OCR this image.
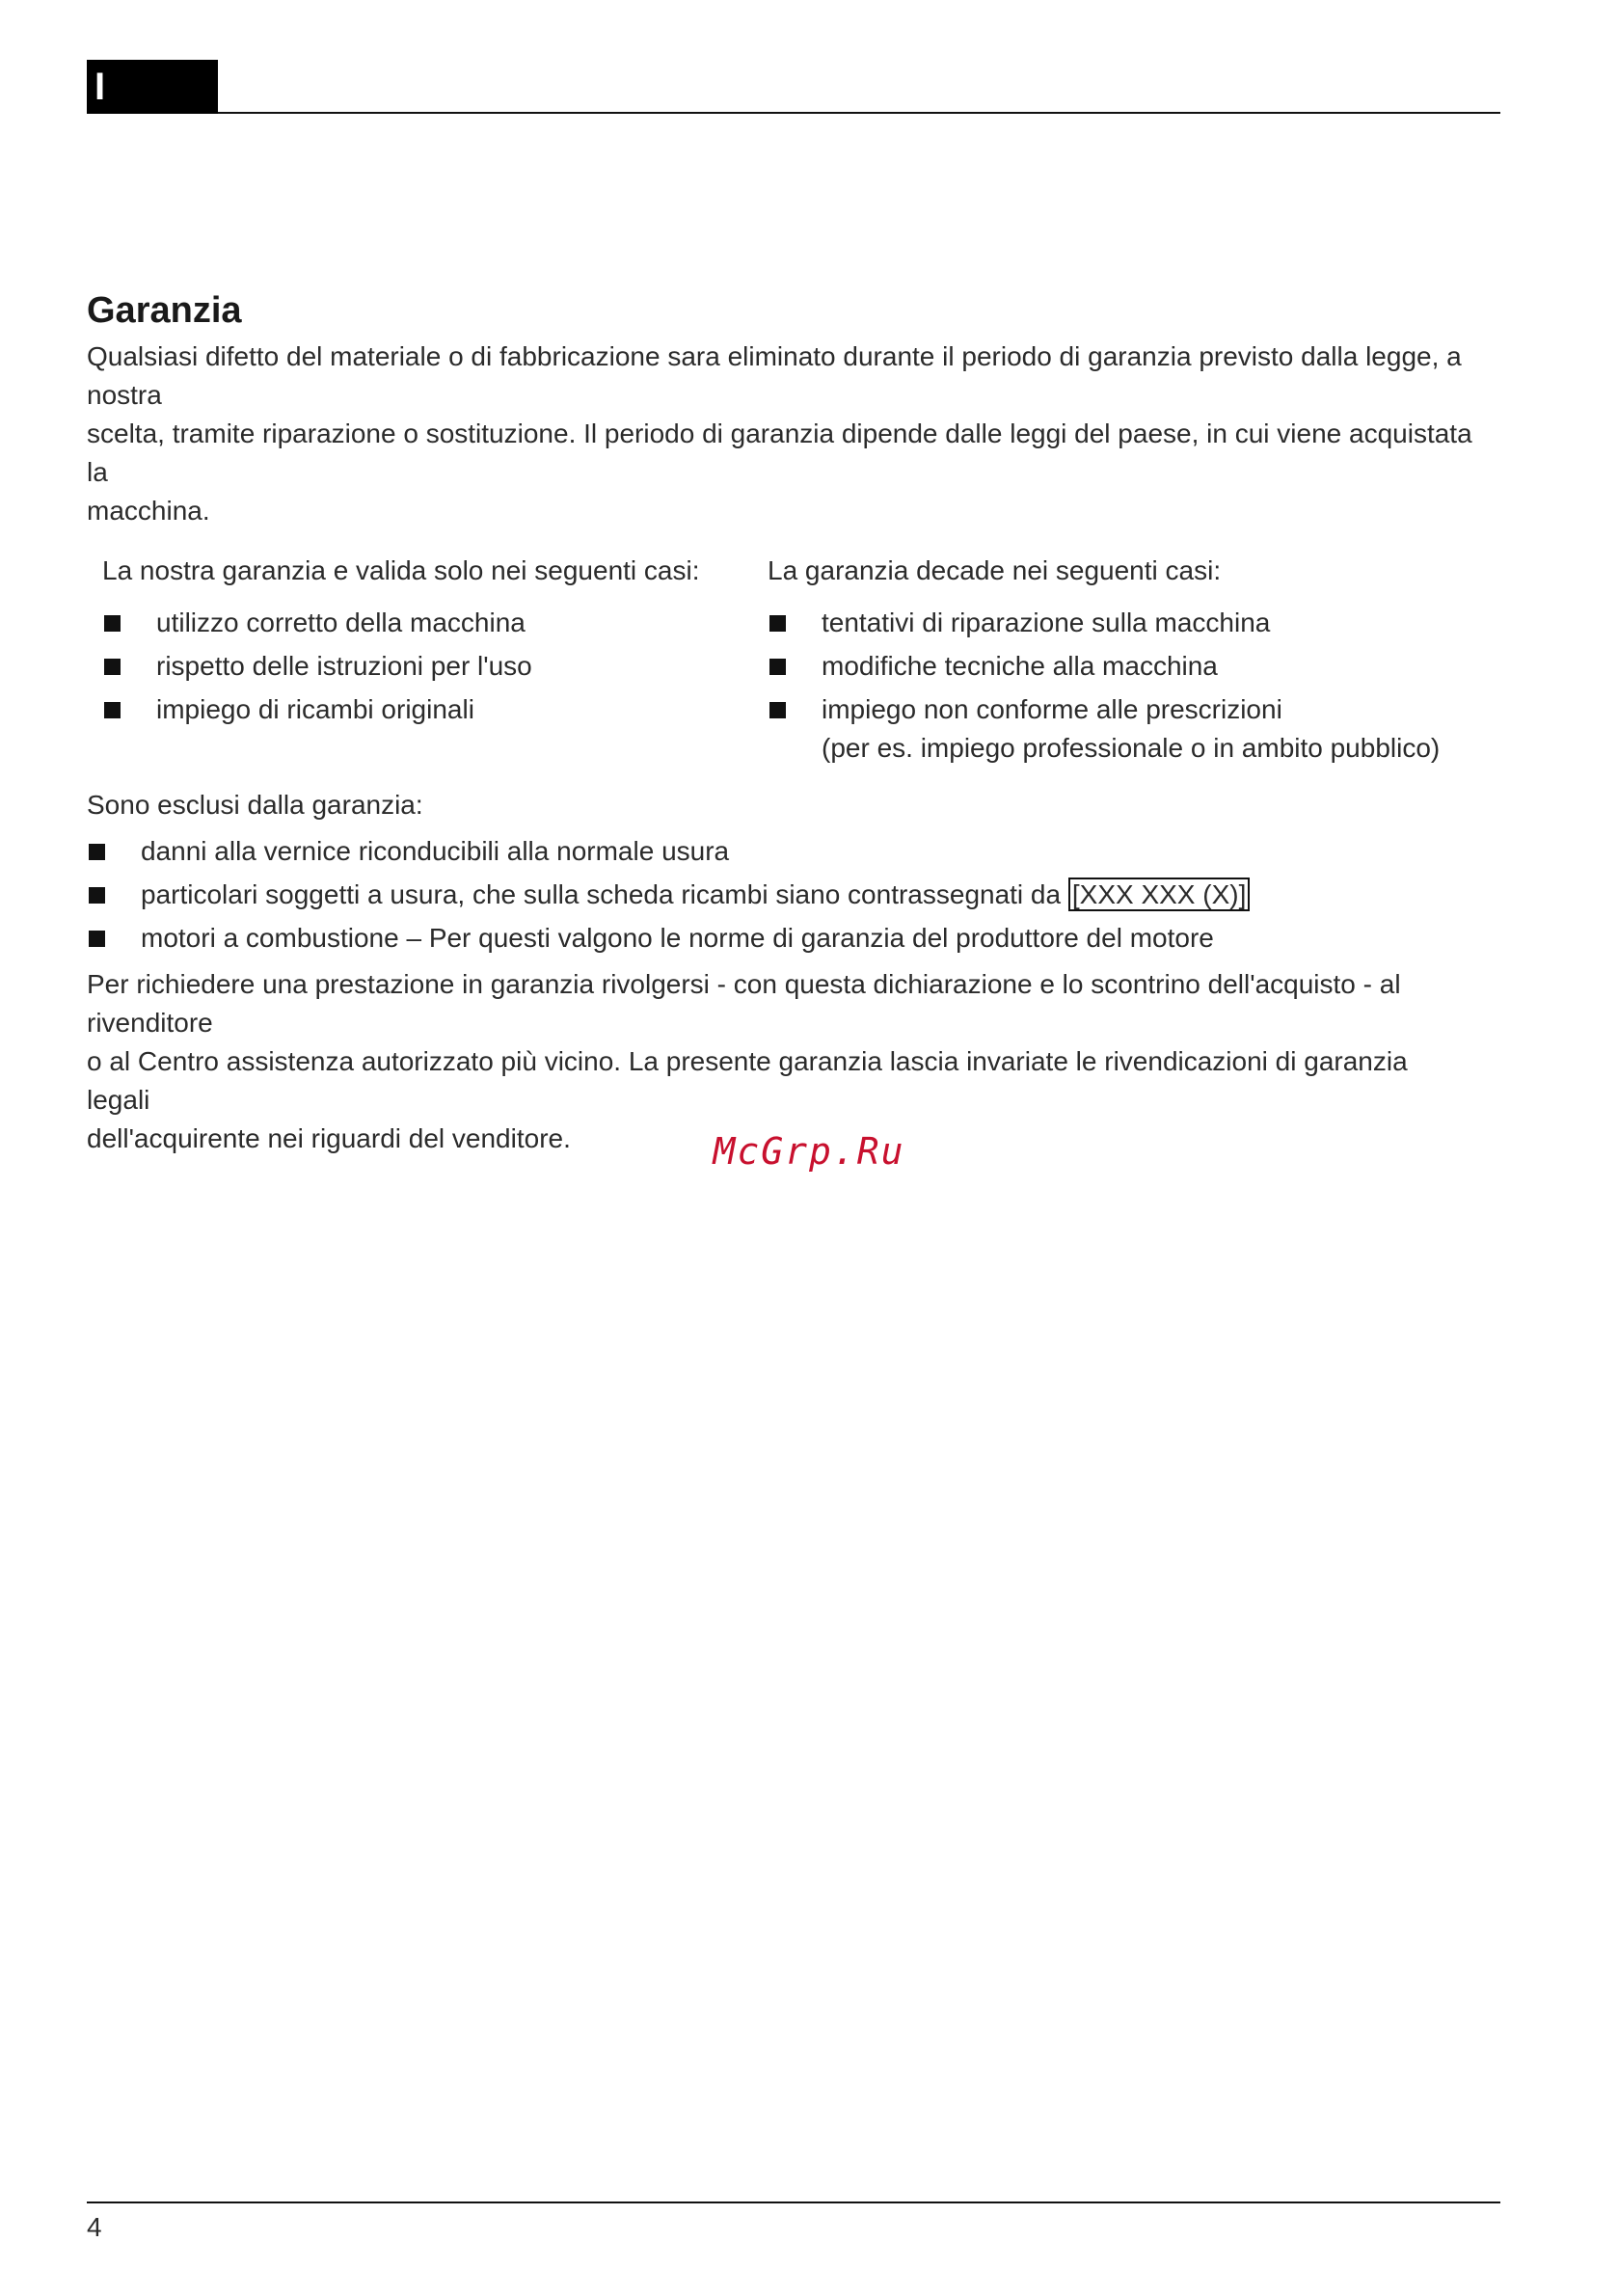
I
Garanzia

Qualsiasi difetto del materiale o di fabbricazione sara eliminato durante il periodo di garanzia previsto dalla legge, a nostra
scelta, tramite riparazione o sostituzione. Il periodo di garanzia dipende dalle leggi del paese, in cui viene acquistata la
macchina.

La nostra garanzia e valida solo nei seguenti casi:

utilizzo corretto della macchina
rispetto delle istruzioni per l'uso
impiego di ricambi originali

La garanzia decade nei seguenti casi:

tentativi di riparazione sulla macchina
modifiche tecniche alla macchina
impiego non conforme alle prescrizioni
(per es. impiego professionale o in ambito pubblico)

Sono esclusi dalla garanzia:

danni alla vernice riconducibili alla normale usura
particolari soggetti a usura, che sulla scheda ricambi siano contrassegnati da [XXX XXX (X)]
motori a combustione – Per questi valgono le norme di garanzia del produttore del motore

Per richiedere una prestazione in garanzia rivolgersi - con questa dichiarazione e lo scontrino dell'acquisto - al rivenditore
o al Centro assistenza autorizzato più vicino. La presente garanzia lascia invariate le rivendicazioni di garanzia legali
dell'acquirente nei riguardi del venditore.	McGrp.Ru
4
